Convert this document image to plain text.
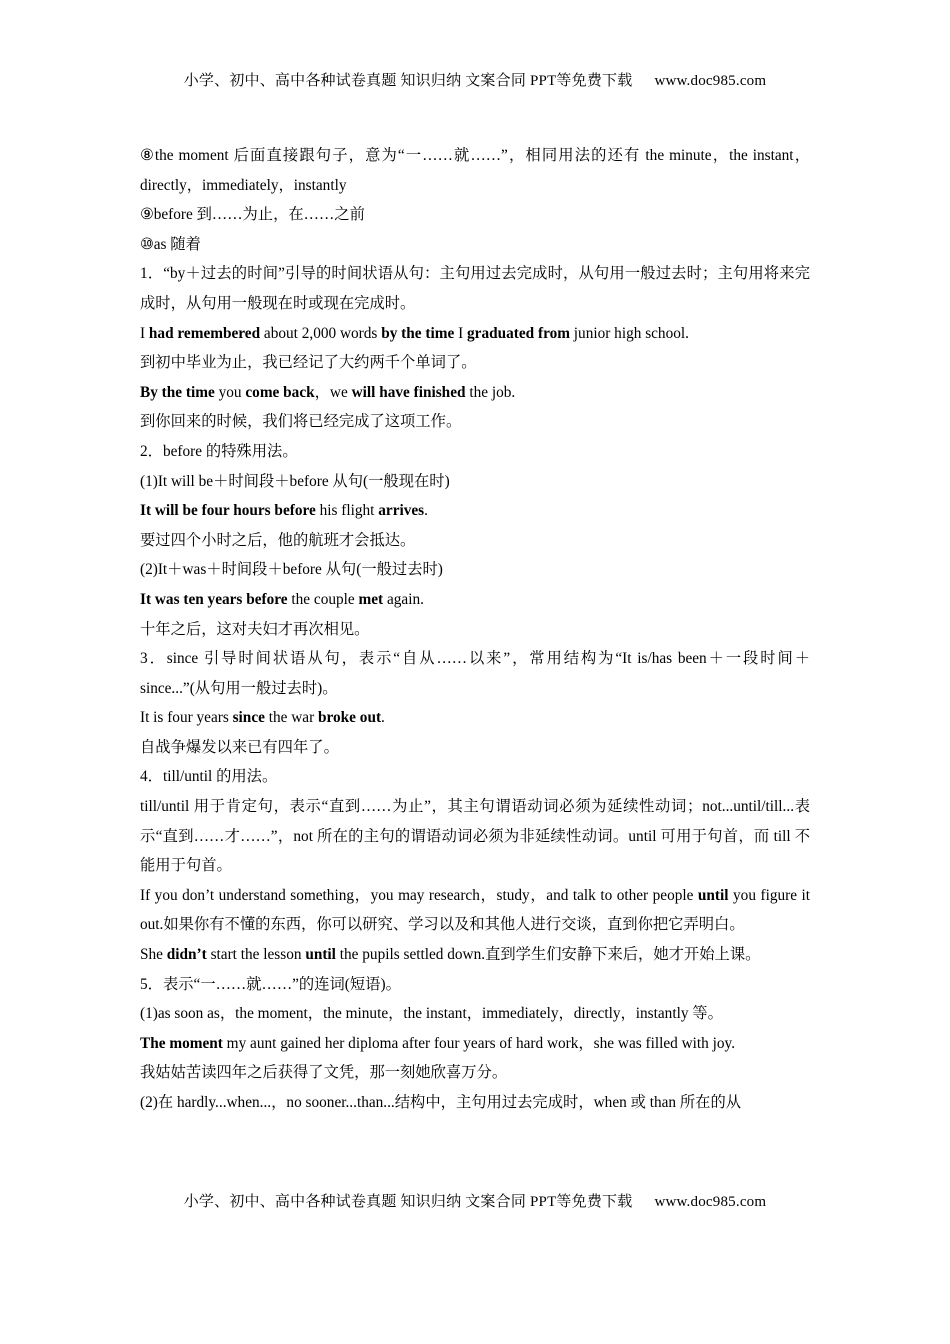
小学、初中、高中各种试卷真题 知识归纳 文案合同 PPT等免费下载 www.doc985.com

⑧the moment 后面直接跟句子，意为“一……就……”，相同用法的还有 the minute，the instant，directly，immediately，instantly

⑨before 到……为止，在……之前

⑩as 随着

1．“by＋过去的时间”引导的时间状语从句：主句用过去完成时，从句用一般过去时；主句用将来完成时，从句用一般现在时或现在完成时。

I had remembered about 2,000 words by the time I graduated from junior high school.

到初中毕业为止，我已经记了大约两千个单词了。

By the time you come back，we will have finished the job.

到你回来的时候，我们将已经完成了这项工作。

2．before 的特殊用法。

(1)It will be＋时间段＋before 从句(一般现在时)

It will be four hours before his flight arrives.

要过四个小时之后，他的航班才会抵达。

(2)It＋was＋时间段＋before 从句(一般过去时)

It was ten years before the couple met again.

十年之后，这对夫妇才再次相见。

3．since 引导时间状语从句，表示“自从……以来”，常用结构为“It is/has been＋一段时间＋since...”(从句用一般过去时)。

It is four years since the war broke out.

自战争爆发以来已有四年了。

4．till/until 的用法。

till/until 用于肯定句，表示“直到……为止”，其主句谓语动词必须为延续性动词；not...until/till...表示“直到……才……”，not 所在的主句的谓语动词必须为非延续性动词。until 可用于句首，而 till 不能用于句首。

If you don’t understand something，you may research，study，and talk to other people until you figure it out.如果你有不懂的东西，你可以研究、学习以及和其他人进行交谈，直到你把它弄明白。

She didn’t start the lesson until the pupils settled down.直到学生们安静下来后，她才开始上课。

5．表示“一……就……”的连词(短语)。

(1)as soon as，the moment，the minute，the instant，immediately，directly，instantly 等。

The moment my aunt gained her diploma after four years of hard work，she was filled with joy.

我姑姑苦读四年之后获得了文凭，那一刻她欣喜万分。

(2)在 hardly...when...，no sooner...than...结构中，主句用过去完成时，when 或 than 所在的从

小学、初中、高中各种试卷真题 知识归纳 文案合同 PPT等免费下载 www.doc985.com
